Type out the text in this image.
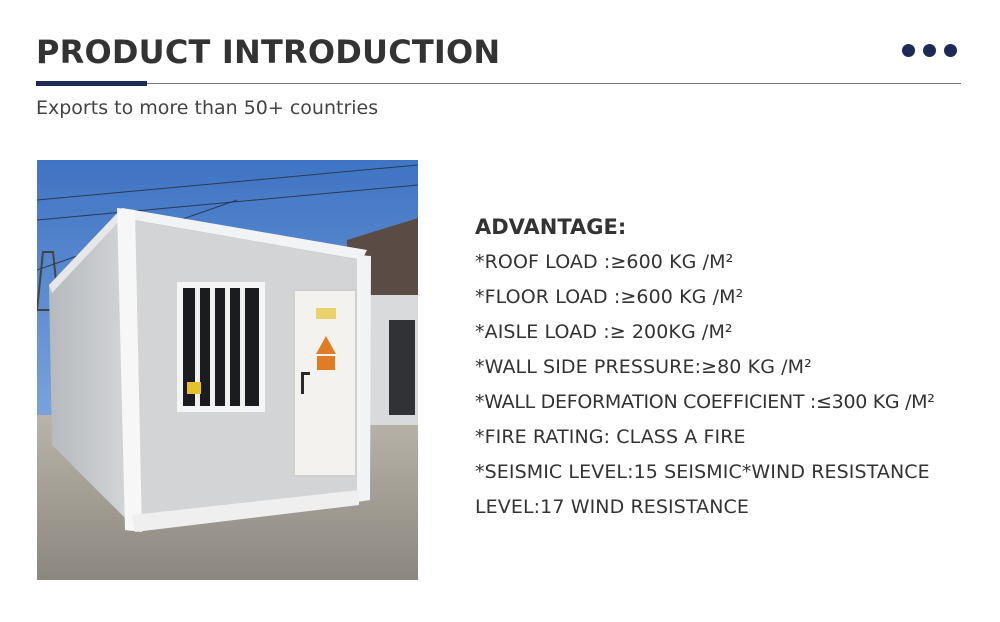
PRODUCT INTRODUCTION
Exports to more than 50+ countries
ADVANTAGE:
*ROOF LOAD :≥600 KG /M²
*FLOOR LOAD :≥600 KG /M²
*AISLE LOAD :≥ 200KG /M²
*WALL SIDE PRESSURE:≥80 KG /M²
*WALL DEFORMATION COEFFICIENT :≤300 KG /M²
*FIRE RATING: CLASS A FIRE
*SEISMIC LEVEL:15 SEISMIC*WIND RESISTANCE
LEVEL:17 WIND RESISTANCE
